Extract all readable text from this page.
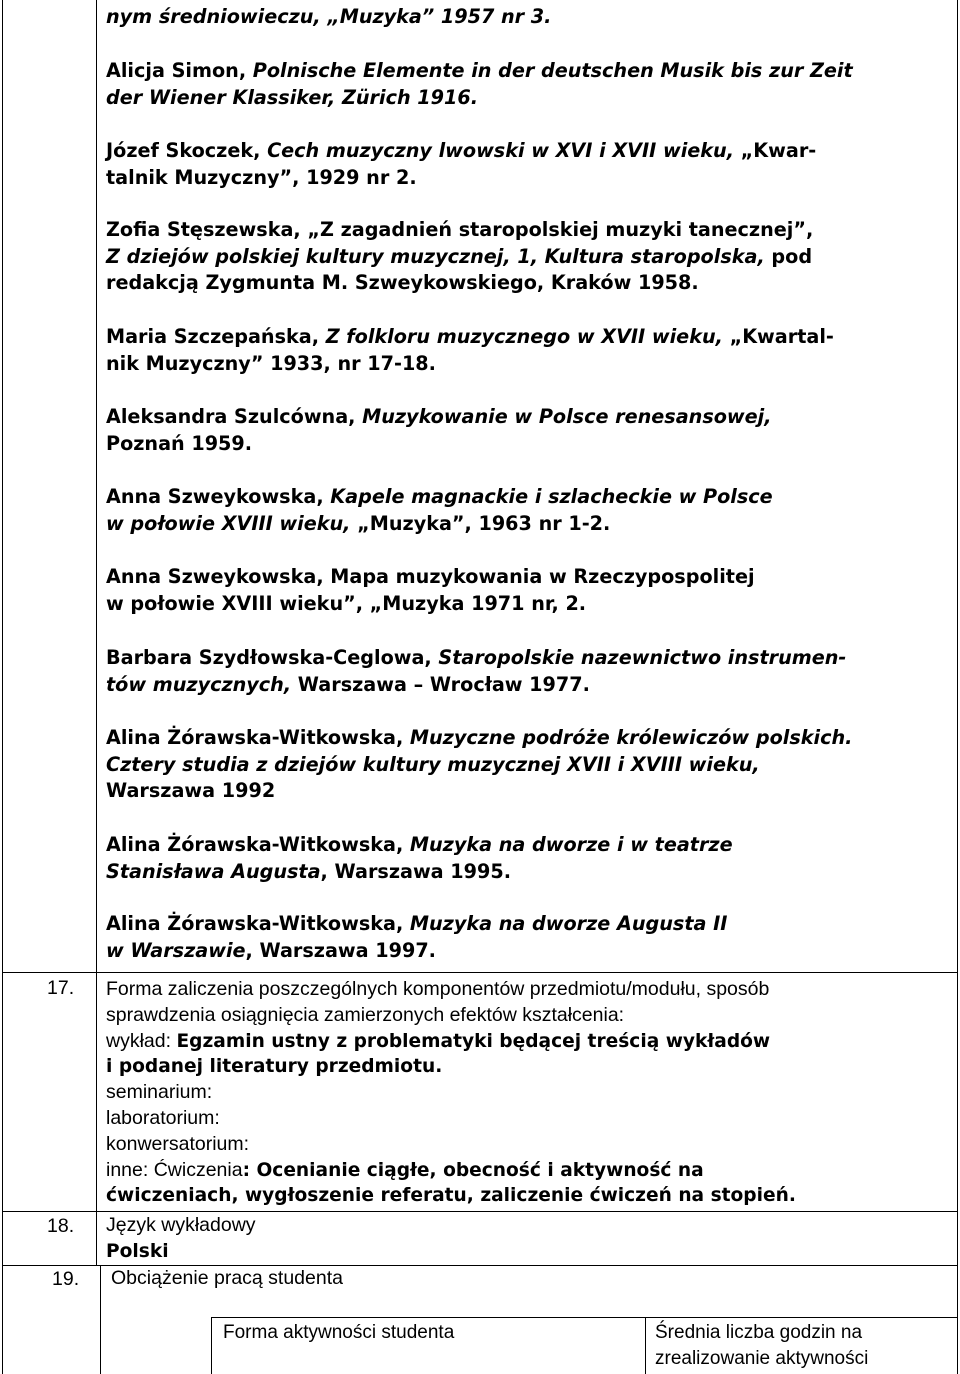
nym średniowieczu, „Muzyka” 1957 nr 3.
Alicja Simon, Polnische Elemente in der deutschen Musik bis zur Zeit
der Wiener Klassiker, Zürich 1916.
Józef Skoczek, Cech muzyczny lwowski w XVI i XVII wieku, „Kwar-
talnik Muzyczny”, 1929 nr 2.
Zofia Stęszewska, „Z zagadnień staropolskiej muzyki tanecznej”,
Z dziejów polskiej kultury muzycznej, 1, Kultura staropolska, pod
redakcją Zygmunta M. Szweykowskiego, Kraków 1958.
Maria Szczepańska, Z folkloru muzycznego w XVII wieku, „Kwartal-
nik Muzyczny” 1933, nr 17-18.
Aleksandra Szulcówna, Muzykowanie w Polsce renesansowej,
Poznań 1959.
Anna Szweykowska, Kapele magnackie i szlacheckie w Polsce
w połowie XVIII wieku, „Muzyka”, 1963 nr 1-2.
Anna Szweykowska, Mapa muzykowania w Rzeczypospolitej
w połowie XVIII wieku”, „Muzyka 1971 nr, 2.
Barbara Szydłowska-Ceglowa, Staropolskie nazewnictwo instrumen-
tów muzycznych, Warszawa – Wrocław 1977.
Alina Żórawska-Witkowska, Muzyczne podróże królewiczów polskich.
Cztery studia z dziejów kultury muzycznej XVII i XVIII wieku,
Warszawa 1992
Alina Żórawska-Witkowska, Muzyka na dworze i w teatrze
Stanisława Augusta, Warszawa 1995.
Alina Żórawska-Witkowska, Muzyka na dworze Augusta II
w Warszawie, Warszawa 1997.
17. Forma zaliczenia poszczególnych komponentów przedmiotu/modułu, sposób
sprawdzenia osiągnięcia zamierzonych efektów kształcenia:
wykład: Egzamin ustny z problematyki będącej treścią wykładów
i podanej literatury przedmiotu.
seminarium:
laboratorium:
konwersatorium:
inne: Ćwiczenia: Ocenianie ciągłe, obecność i aktywność na
ćwiczeniach, wygłoszenie referatu, zaliczenie ćwiczeń na stopień.
18. Język wykładowy
Polski
19. Obciążenie pracą studenta
Forma aktywności studenta	Średnia liczba godzin na
zrealizowanie aktywności
